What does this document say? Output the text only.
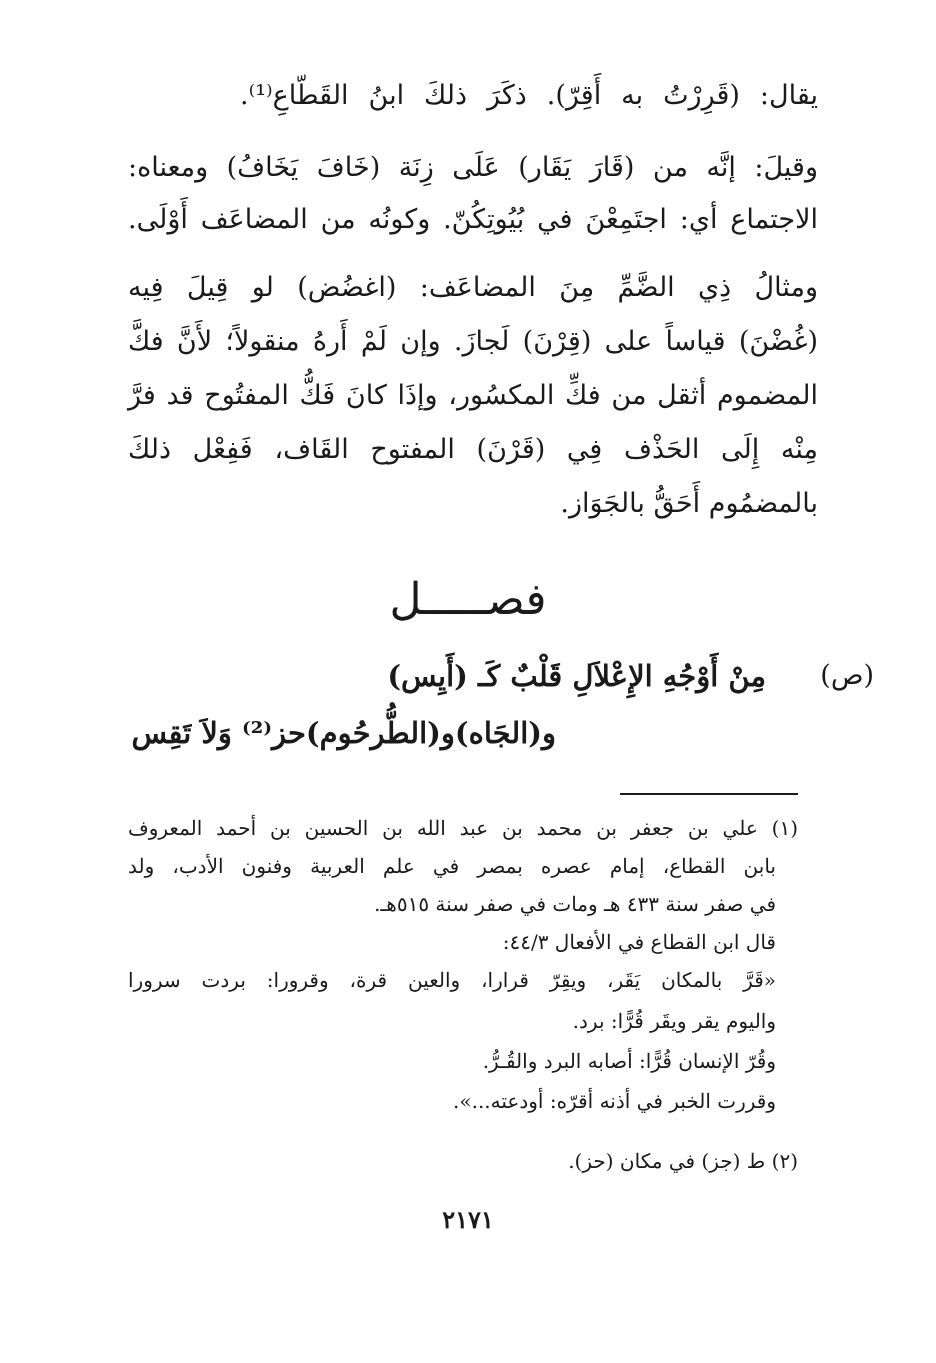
يقال: (قَرِرْتُ به أَقِرّ). ذكَرَ ذلكَ ابنُ القَطّاعِ⁽¹⁾.
وقيلَ: إنَّه من (قَارَ يَقَار) عَلَى زِنَة (خَافَ يَخَافُ) ومعناه:
الاجتماع أي: اجتَمِعْنَ في بُيُوتِكُنّ. وكونُه من المضاعَف أَوْلَى.
ومثالُ ذِي الضَّمِّ مِنَ المضاعَف: (اغضُض) لو قِيلَ فِيه
(غُضْنَ) قياساً على (قِرْنَ) لَجازَ. وإن لَمْ أَرهُ منقولاً؛ لأَنَّ فكَّ
المضموم أثقل من فكِّ المكسُور، وإذَا كانَ فَكُّ المفتُوح قد فرَّ
مِنْه إِلَى الحَذْف فِي (قَرْنَ) المفتوح القَاف، فَفِعْل ذلكَ
بالمضمُوم أَحَقُّ بالجَوَاز.
فصـــــل
(ص)
مِنْ أَوْجُهِ الإِعْلاَلِ قَلْبٌ كَـ (أَيِس)
و(الجَاه)و(الطُّرحُوم)حز⁽²⁾ وَلاَ تَقِس
(١) علي بن جعفر بن محمد بن عبد الله بن الحسين بن أحمد المعروف
بابن القطاع، إمام عصره بمصر في علم العربية وفنون الأدب، ولد
في صفر سنة ٤٣٣ هـ ومات في صفر سنة ٥١٥هـ.
قال ابن القطاع في الأفعال ٤٤/٣:
«قَرَّ بالمكان يَقَر، ويقِرّ قرارا، والعين قرة، وقرورا: بردت سرورا
واليوم يقر ويقَر قُرًّا: برد.
وقُرّ الإنسان قُرًّا: أصابه البرد والقُـرُّ.
وقررت الخبر في أذنه أقرّه: أودعته...».
(٢) ط (جز) في مكان (حز).
٢١٧١
